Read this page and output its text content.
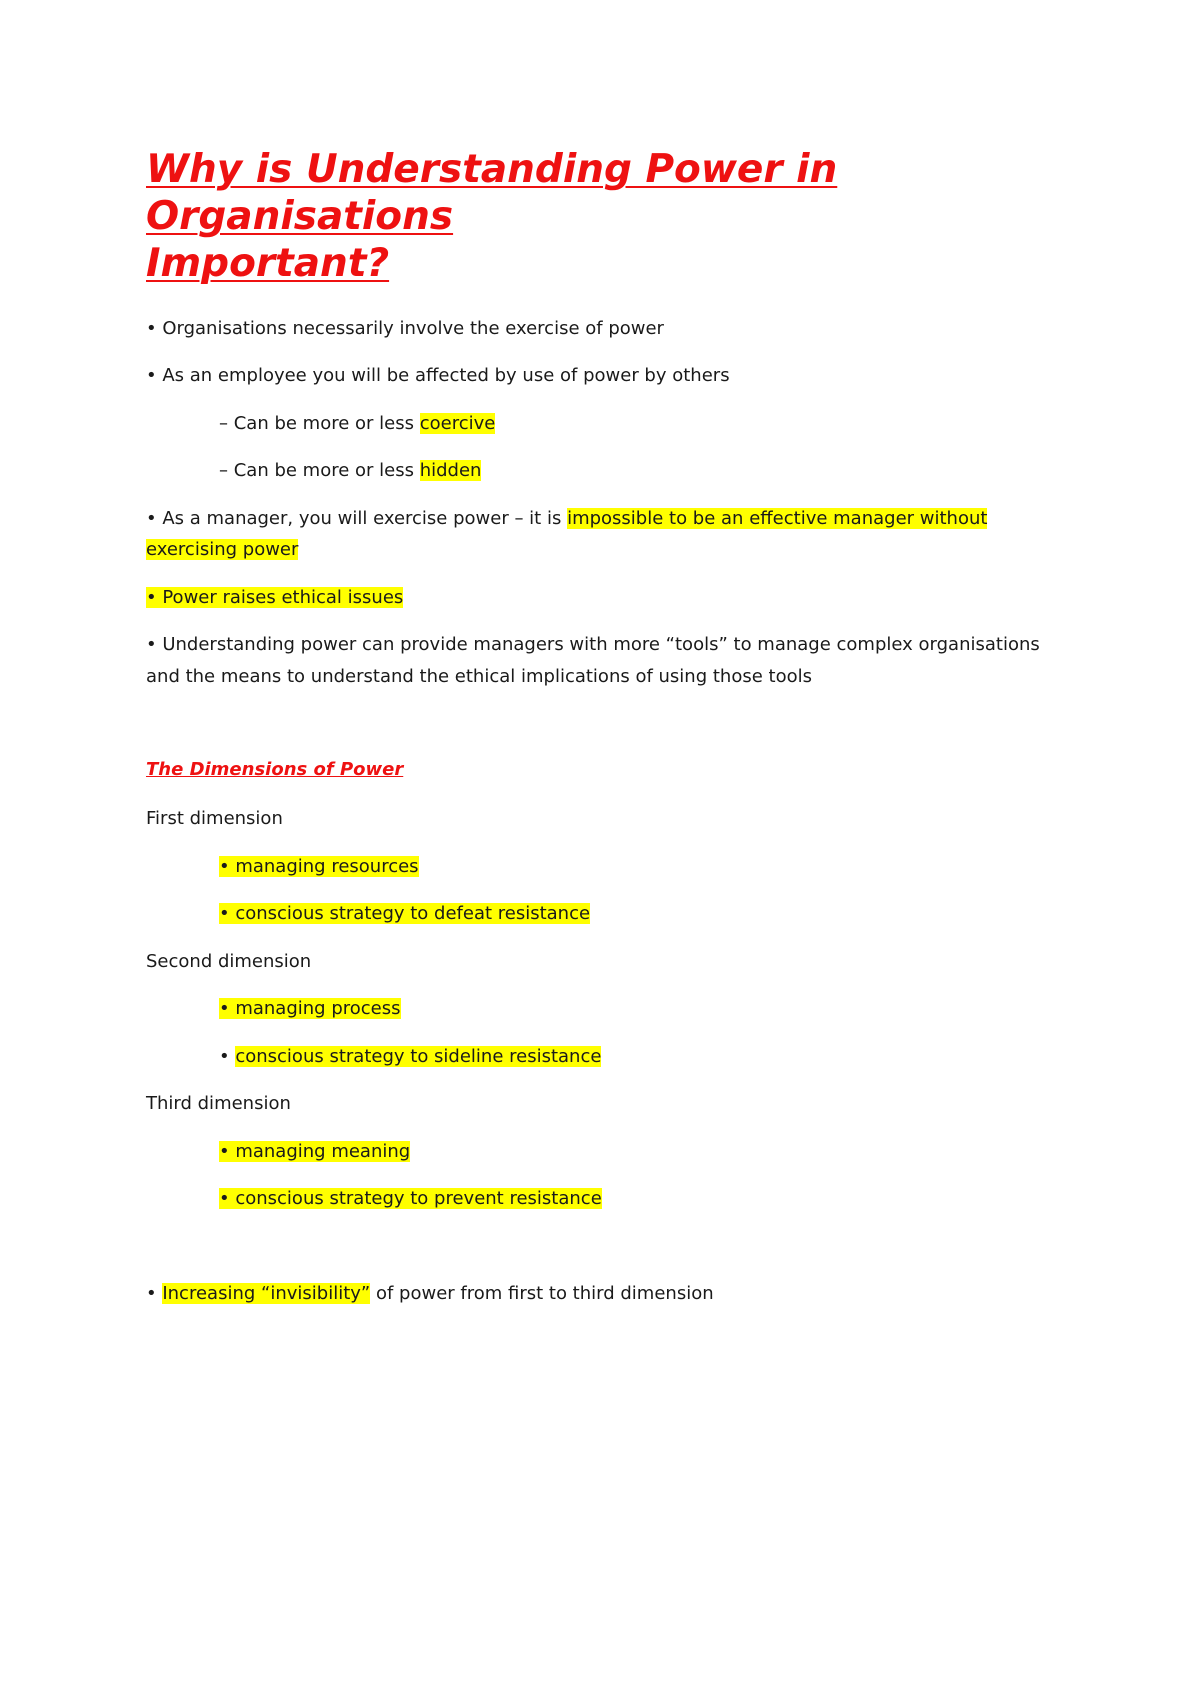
Why is Understanding Power in
Organisations
Important?
• Organisations necessarily involve the exercise of power
• As an employee you will be affected by use of power by others
– Can be more or less coercive
– Can be more or less hidden
• As a manager, you will exercise power – it is impossible to be an effective manager without
exercising power
• Power raises ethical issues
• Understanding power can provide managers with more “tools” to manage complex organisations
and the means to understand the ethical implications of using those tools
The Dimensions of Power
First dimension
• managing resources
• conscious strategy to defeat resistance
Second dimension
• managing process
• conscious strategy to sideline resistance
Third dimension
• managing meaning
• conscious strategy to prevent resistance
• Increasing “invisibility” of power from first to third dimension
